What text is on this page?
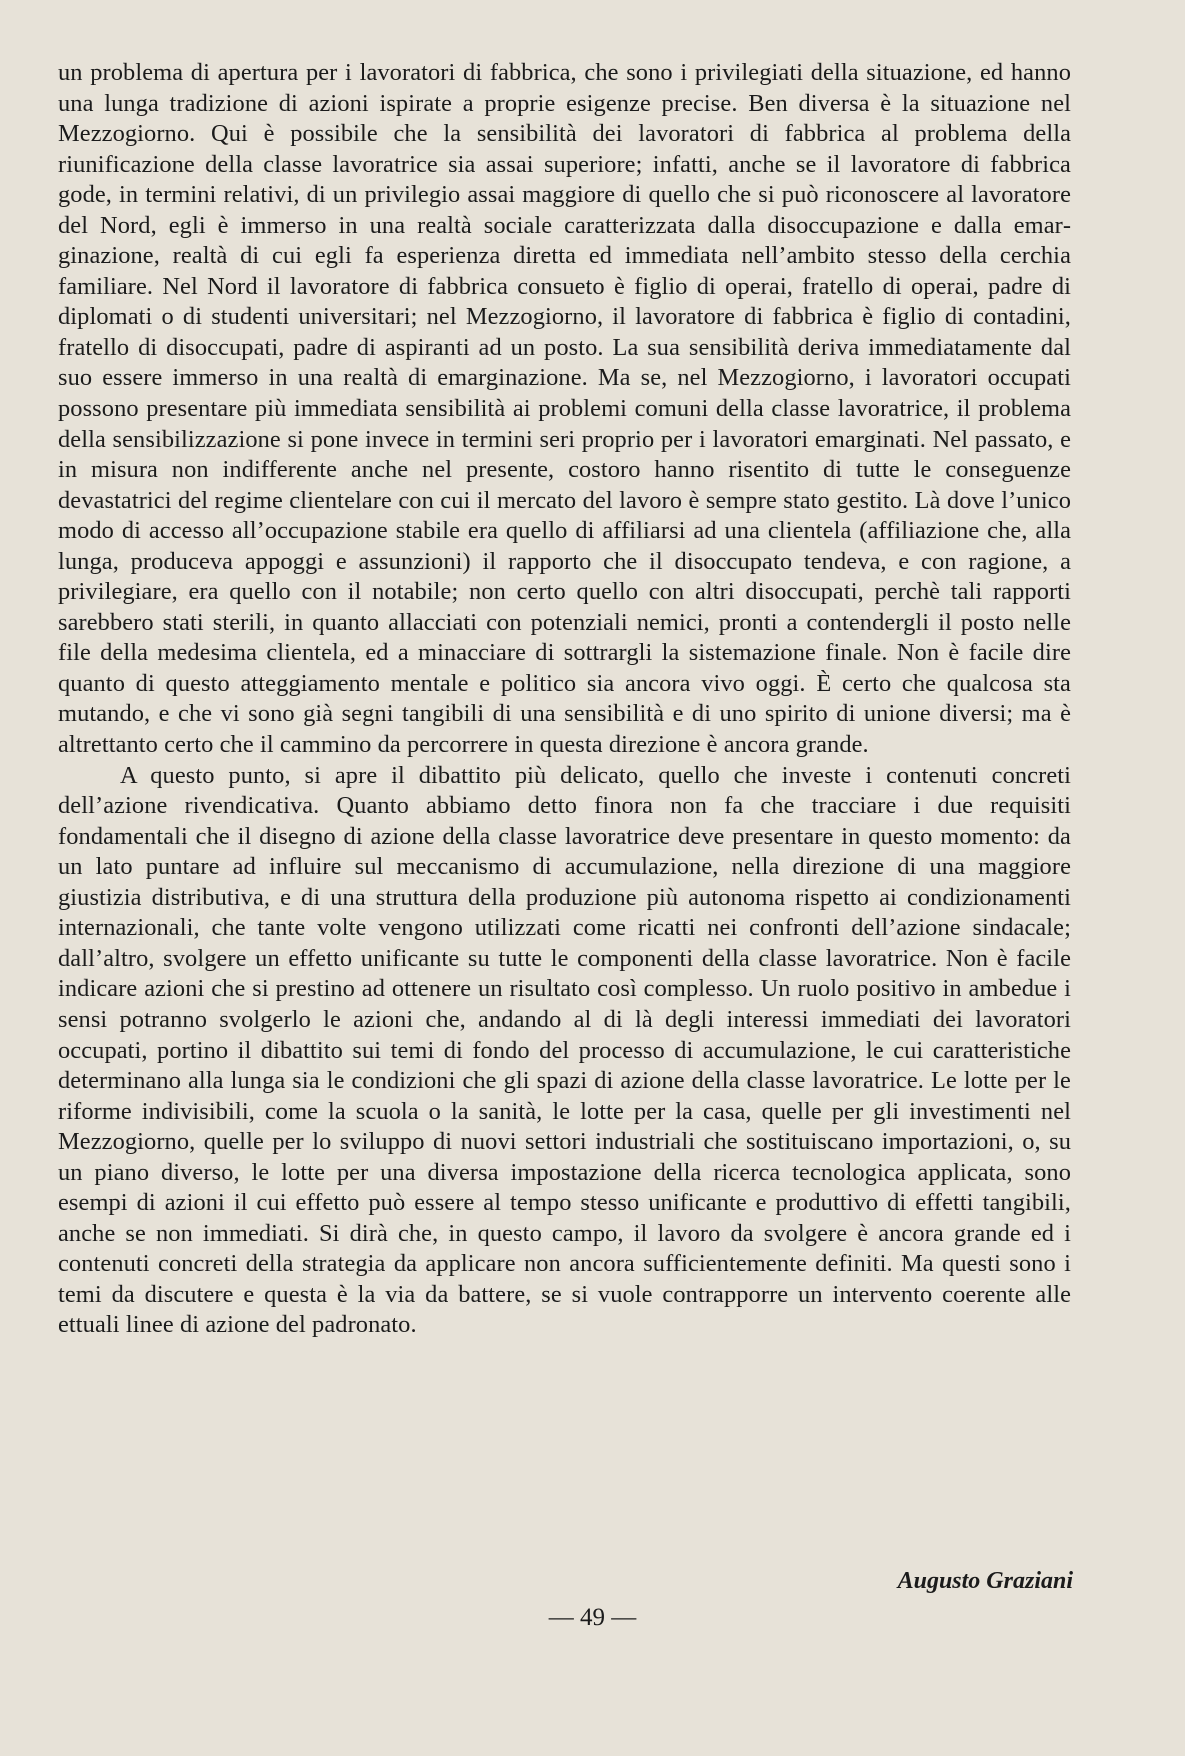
un problema di apertura per i lavoratori di fabbrica, che sono i privilegiati della situazione, ed hanno una lunga tradizione di azioni ispirate a proprie esigenze precise. Ben diversa è la situazione nel Mezzogiorno. Qui è possibile che la sensibilità dei lavoratori di fabbrica al problema della riunificazione della classe lavoratrice sia assai superiore; infatti, anche se il lavoratore di fabbrica gode, in termini relativi, di un privilegio assai maggiore di quello che si può riconoscere al lavoratore del Nord, egli è immerso in una realtà sociale caratterizzata dalla disoccupazione e dalla emarginazione, realtà di cui egli fa esperienza diretta ed immediata nell’ambito stesso della cerchia familiare. Nel Nord il lavoratore di fabbrica consueto è figlio di operai, fratello di operai, padre di diplomati o di studenti universitari; nel Mezzogiorno, il lavoratore di fabbrica è figlio di contadini, fratello di disoccupati, padre di aspiranti ad un posto. La sua sensibilità deriva immediatamente dal suo essere immerso in una realtà di emarginazione. Ma se, nel Mezzogiorno, i lavoratori occupati possono presentare più immediata sensibilità ai problemi comuni della classe lavoratrice, il problema della sensibilizzazione si pone invece in termini seri proprio per i lavoratori emarginati. Nel passato, e in misura non indifferente anche nel presente, costoro hanno risentito di tutte le conseguenze devastatrici del regime clientelare con cui il mercato del lavoro è sempre stato gestito. Là dove l’unico modo di accesso all’occupazione stabile era quello di affiliarsi ad una clientela (affiliazione che, alla lunga, produceva appoggi e assunzioni) il rapporto che il disoccupato tendeva, e con ragione, a privilegiare, era quello con il notabile; non certo quello con altri disoccupati, perchè tali rapporti sarebbero stati sterili, in quanto allacciati con potenziali nemici, pronti a contendergli il posto nelle file della medesima clientela, ed a minacciare di sottrargli la sistemazione finale. Non è facile dire quanto di questo atteggiamento mentale e politico sia ancora vivo oggi. È certo che qualcosa sta mutando, e che vi sono già segni tangibili di una sensibilità e di uno spirito di unione diversi; ma è altrettanto certo che il cammino da percorrere in questa direzione è ancora grande.

A questo punto, si apre il dibattito più delicato, quello che investe i contenuti concreti dell’azione rivendicativa. Quanto abbiamo detto finora non fa che tracciare i due requisiti fondamentali che il disegno di azione della classe lavoratrice deve presentare in questo momento: da un lato puntare ad influire sul meccanismo di accumulazione, nella direzione di una maggiore giustizia distributiva, e di una struttura della produzione più autonoma rispetto ai condizionamenti internazionali, che tante volte vengono utilizzati come ricatti nei confronti dell’azione sindacale; dall’altro, svolgere un effetto unificante su tutte le componenti della classe lavoratrice. Non è facile indicare azioni che si prestino ad ottenere un risultato così complesso. Un ruolo positivo in ambedue i sensi potranno svolgerlo le azioni che, andando al di là degli interessi immediati dei lavoratori occupati, portino il dibattito sui temi di fondo del processo di accumulazione, le cui caratteristiche determinano alla lunga sia le condizioni che gli spazi di azione della classe lavoratrice. Le lotte per le riforme indivisibili, come la scuola o la sanità, le lotte per la casa, quelle per gli investimenti nel Mezzogiorno, quelle per lo sviluppo di nuovi settori industriali che sostituiscano importazioni, o, su un piano diverso, le lotte per una diversa impostazione della ricerca tecnologica applicata, sono esempi di azioni il cui effetto può essere al tempo stesso unificante e produttivo di effetti tangibili, anche se non immediati. Si dirà che, in questo campo, il lavoro da svolgere è ancora grande ed i contenuti concreti della strategia da applicare non ancora sufficientemente definiti. Ma questi sono i temi da discutere e questa è la via da battere, se si vuole contrapporre un intervento coerente alle ettuali linee di azione del padronato.

Augusto Graziani

— 49 —
